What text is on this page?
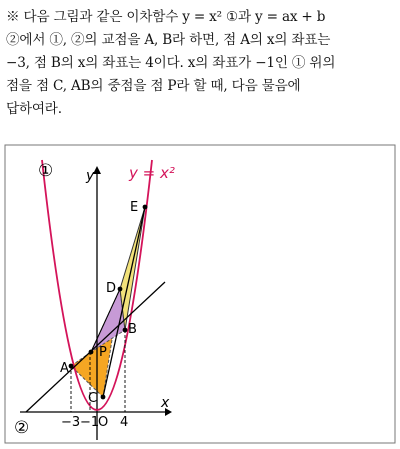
※ 다음 그림과 같은 이차함수 y = x² ①과 y = ax + b
②에서 ①, ②의 교점을 A, B라 하면, 점 A의 x의 좌표는
−3, 점 B의 x의 좌표는 4이다. x의 좌표가 −1인 ① 위의
점을 점 C, AB의 중점을 점 P라 할 때, 다음 물음에
답하여라.
y = x²
①
②
y
x
E
D
B
P
A
C
−3 −1
O 4
